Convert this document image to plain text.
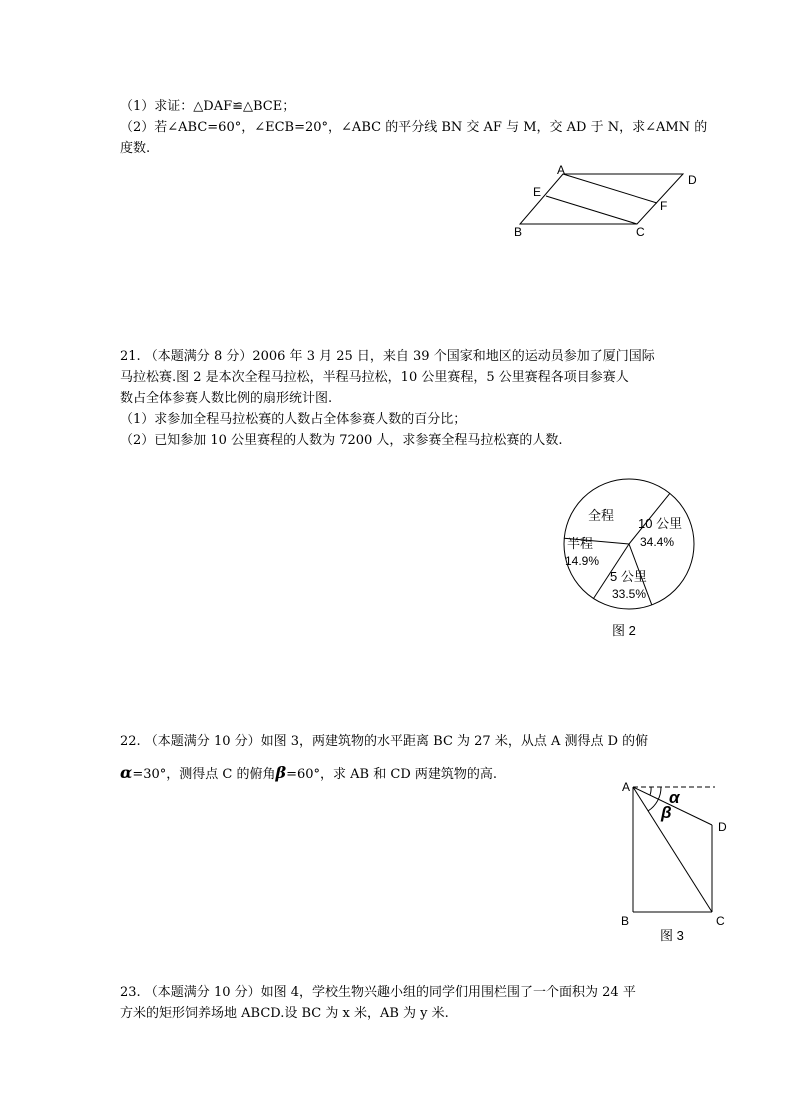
（1）求证：△DAF≌△BCE；
（2）若∠ABC=60°，∠ECB=20°，∠ABC 的平分线 BN 交 AF 与 M，交 AD 于 N，求∠AMN 的
度数.
A
D
E
F
B	C
21. （本题满分 8 分）2006 年 3 月 25 日，来自 39 个国家和地区的运动员参加了厦门国际
马拉松赛.图 2 是本次全程马拉松，半程马拉松，10 公里赛程，5 公里赛程各项目参赛人
数占全体参赛人数比例的扇形统计图.
（1）求参加全程马拉松赛的人数占全体参赛人数的百分比；
（2）已知参加 10 公里赛程的人数为 7200 人，求参赛全程马拉松赛的人数.
全程
10 公里
34.4%
半程
14.9%
5 公里
33.5%
图 2
22. （本题满分 10 分）如图 3，两建筑物的水平距离 BC 为 27 米，从点 A 测得点 D 的俯
α=30°，测得点 C 的俯角β=60°，求 AB 和 CD 两建筑物的高.
α
β
A
D
B	C
图 3
23. （本题满分 10 分）如图 4，学校生物兴趣小组的同学们用围栏围了一个面积为 24 平
方米的矩形饲养场地 ABCD.设 BC 为 x 米，AB 为 y 米.
